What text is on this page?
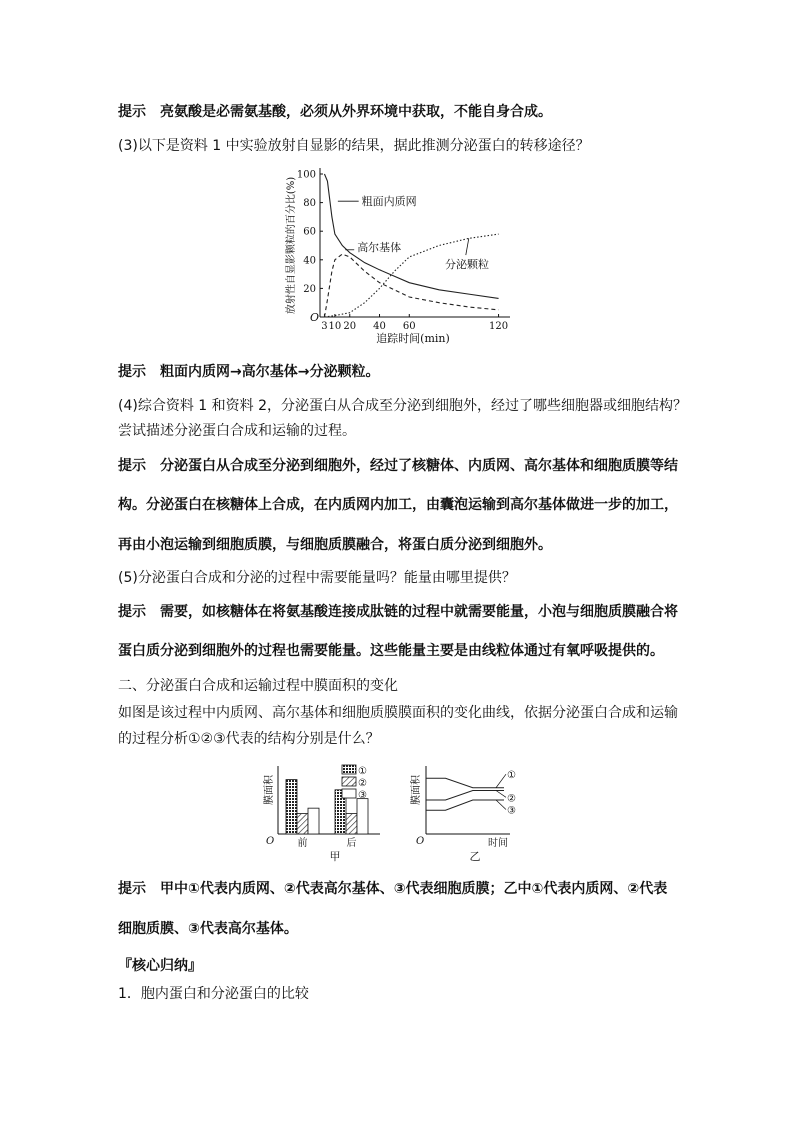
提示 亮氨酸是必需氨基酸，必须从外界环境中获取，不能自身合成。
(3)以下是资料 1 中实验放射自显影的结果，据此推测分泌蛋白的转移途径？
O
20
40
60
80
100
3 10 20 40 60	120
追踪时间(min)
放射性自显影颗粒的百分比(%)	粗面内质网
高尔基体
分泌颗粒
提示 粗面内质网→高尔基体→分泌颗粒。
(4)综合资料 1 和资料 2，分泌蛋白从合成至分泌到细胞外，经过了哪些细胞器或细胞结构？
尝试描述分泌蛋白合成和运输的过程。
提示 分泌蛋白从合成至分泌到细胞外，经过了核糖体、内质网、高尔基体和细胞质膜等结
构。分泌蛋白在核糖体上合成，在内质网内加工，由囊泡运输到高尔基体做进一步的加工，
再由小泡运输到细胞质膜，与细胞质膜融合，将蛋白质分泌到细胞外。
(5)分泌蛋白合成和分泌的过程中需要能量吗？能量由哪里提供？
提示 需要，如核糖体在将氨基酸连接成肽链的过程中就需要能量，小泡与细胞质膜融合将
蛋白质分泌到细胞外的过程也需要能量。这些能量主要是由线粒体通过有氧呼吸提供的。
二、分泌蛋白合成和运输过程中膜面积的变化
如图是该过程中内质网、高尔基体和细胞质膜膜面积的变化曲线，依据分泌蛋白合成和运输
的过程分析①②③代表的结构分别是什么？
O
膜面积
前	后
甲
①
②
③
O
膜面积
时间
乙
①
②
③
提示 甲中①代表内质网、②代表高尔基体、③代表细胞质膜；乙中①代表内质网、②代表
细胞质膜、③代表高尔基体。
『核心归纳』
1．胞内蛋白和分泌蛋白的比较
